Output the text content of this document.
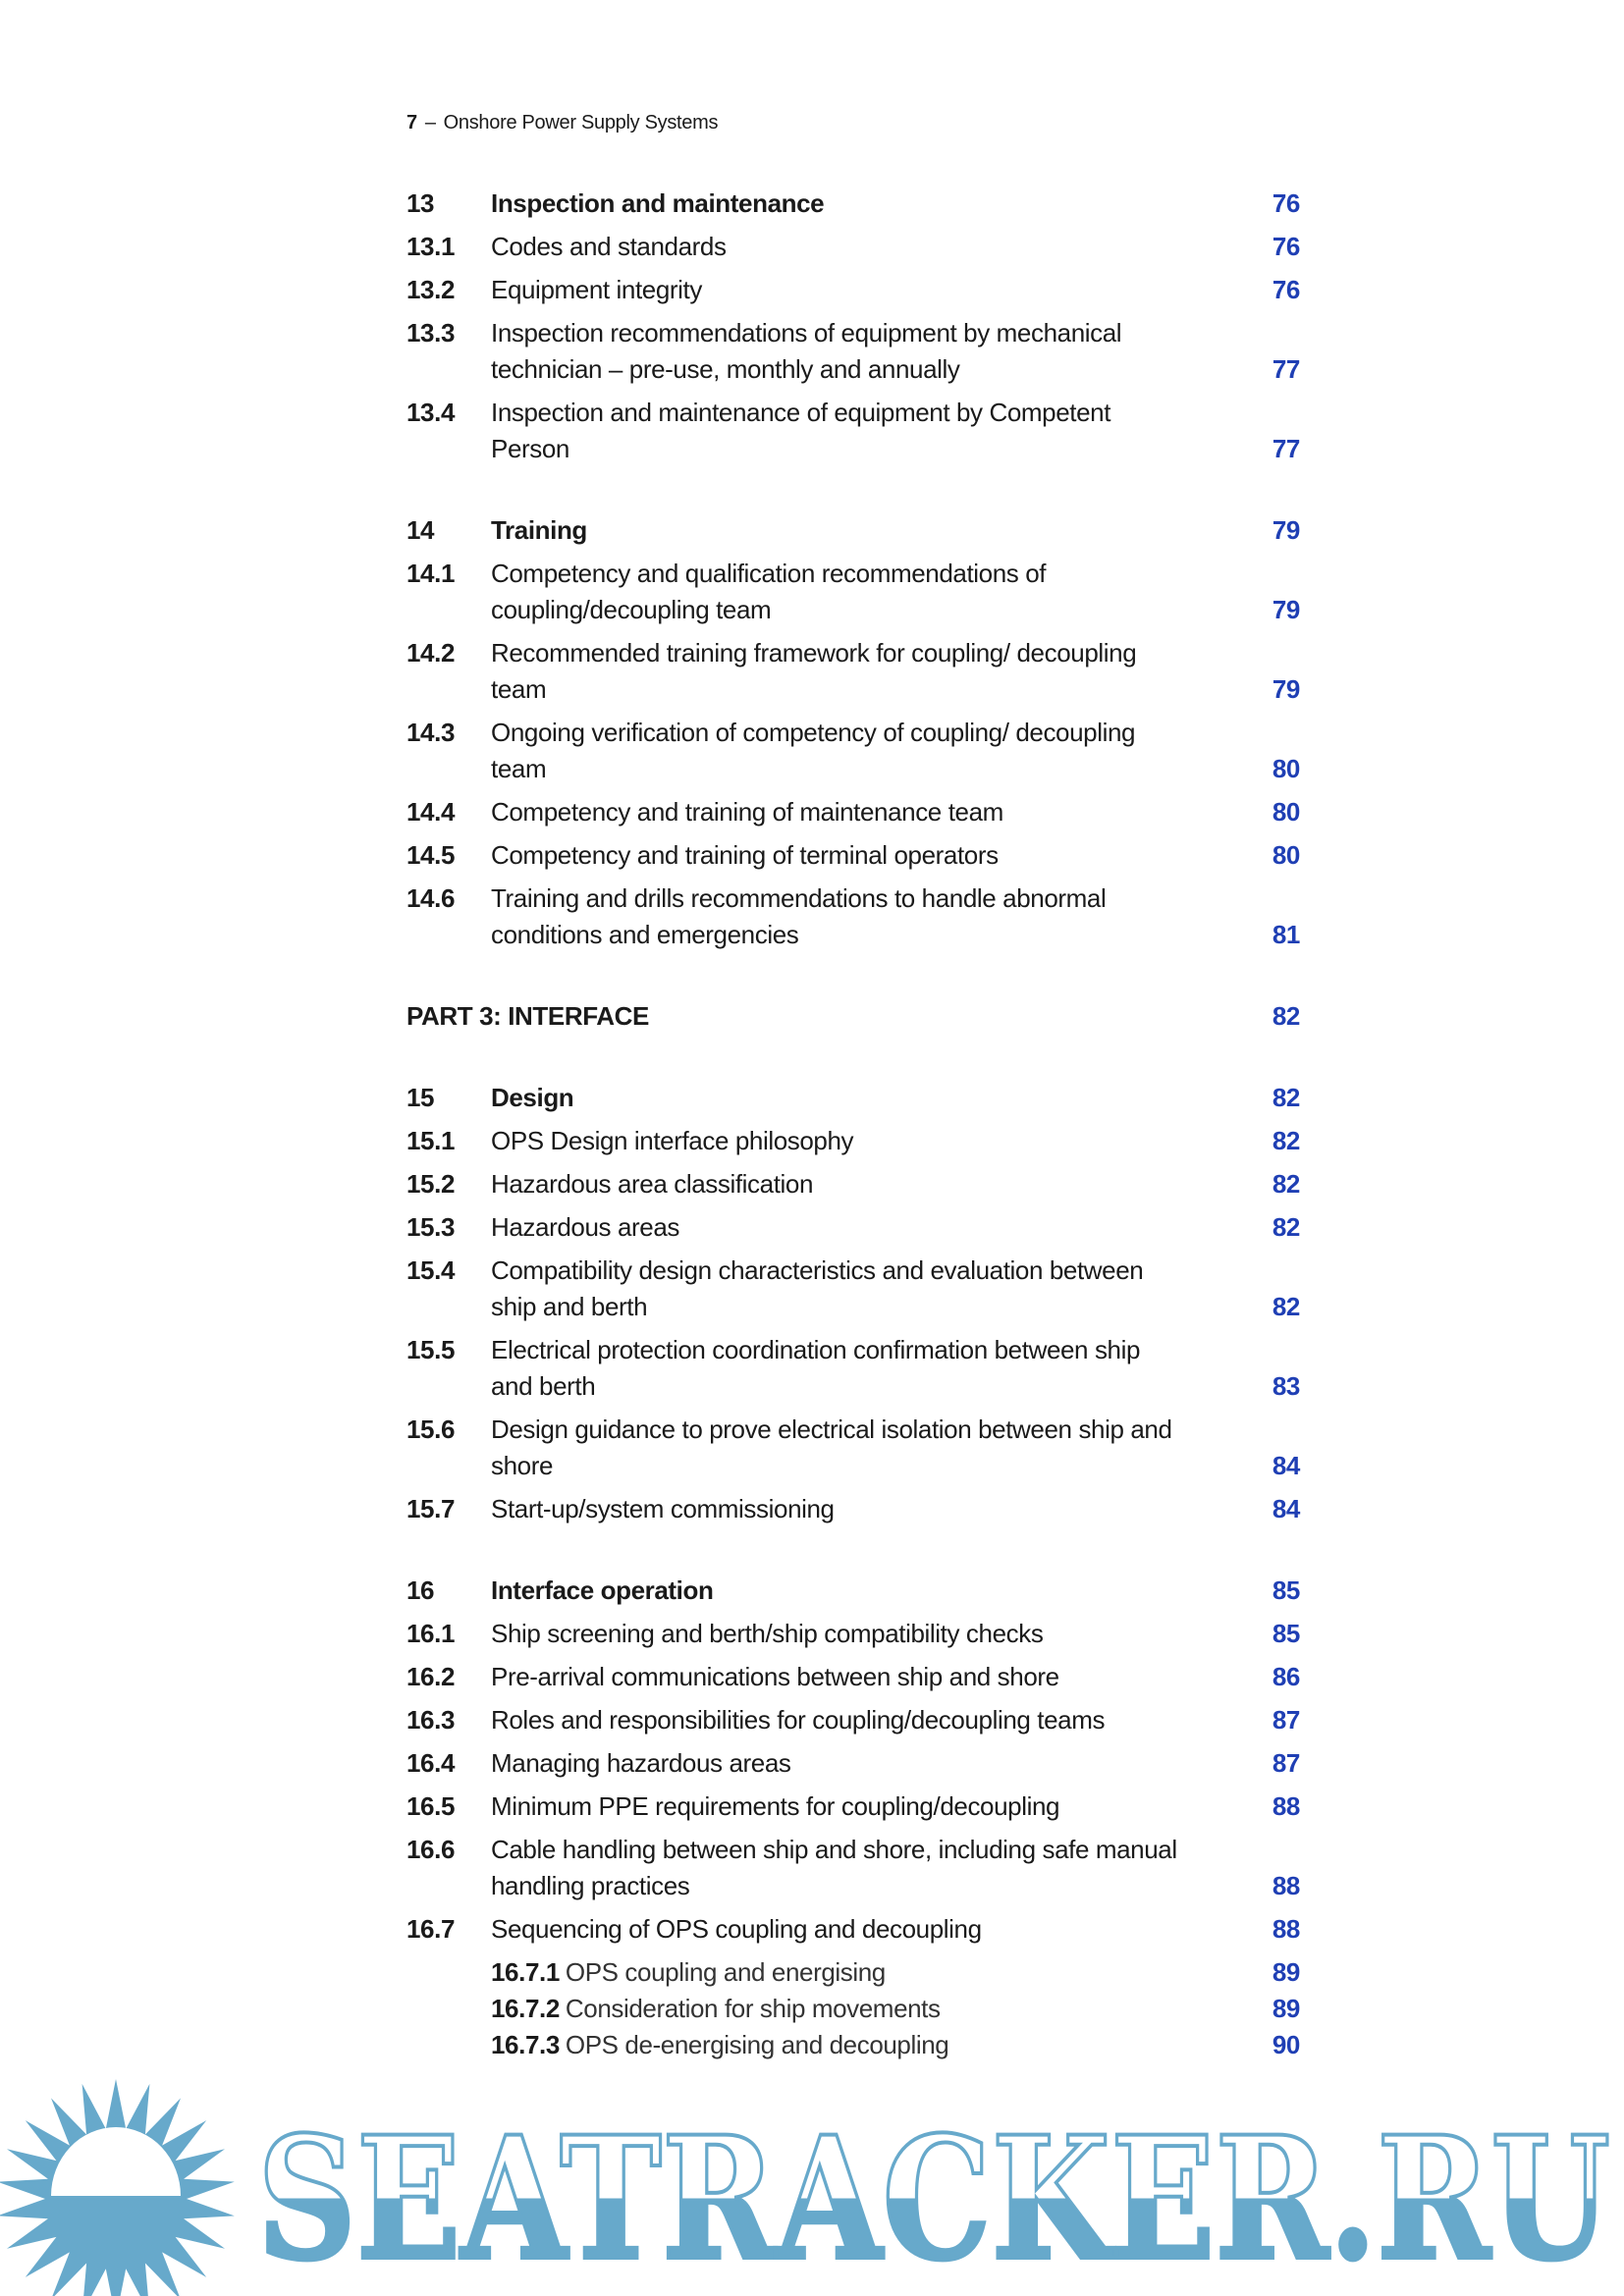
7 – Onshore Power Supply Systems
13	Inspection and maintenance	76
13.1	Codes and standards	76
13.2	Equipment integrity	76
13.3	Inspection recommendations of equipment by mechanical technician – pre-use, monthly and annually	77
13.4	Inspection and maintenance of equipment by Competent Person	77
14	Training	79
14.1	Competency and qualification recommendations of coupling/decoupling team	79
14.2	Recommended training framework for coupling/ decoupling team	79
14.3	Ongoing verification of competency of coupling/ decoupling team	80
14.4	Competency and training of maintenance team	80
14.5	Competency and training of terminal operators	80
14.6	Training and drills recommendations to handle abnormal conditions and emergencies	81
PART 3: INTERFACE	82
15	Design	82
15.1	OPS Design interface philosophy	82
15.2	Hazardous area classification	82
15.3	Hazardous areas	82
15.4	Compatibility design characteristics and evaluation between ship and berth	82
15.5	Electrical protection coordination confirmation between ship and berth	83
15.6	Design guidance to prove electrical isolation between ship and shore	84
15.7	Start-up/system commissioning	84
16	Interface operation	85
16.1	Ship screening and berth/ship compatibility checks	85
16.2	Pre-arrival communications between ship and shore	86
16.3	Roles and responsibilities for coupling/decoupling teams	87
16.4	Managing hazardous areas	87
16.5	Minimum PPE requirements for coupling/decoupling	88
16.6	Cable handling between ship and shore, including safe manual handling practices	88
16.7	Sequencing of OPS coupling and decoupling	88
16.7.1 OPS coupling and energising	89
16.7.2 Consideration for ship movements	89
16.7.3 OPS de-energising and decoupling	90
SEATRACKER.RU
